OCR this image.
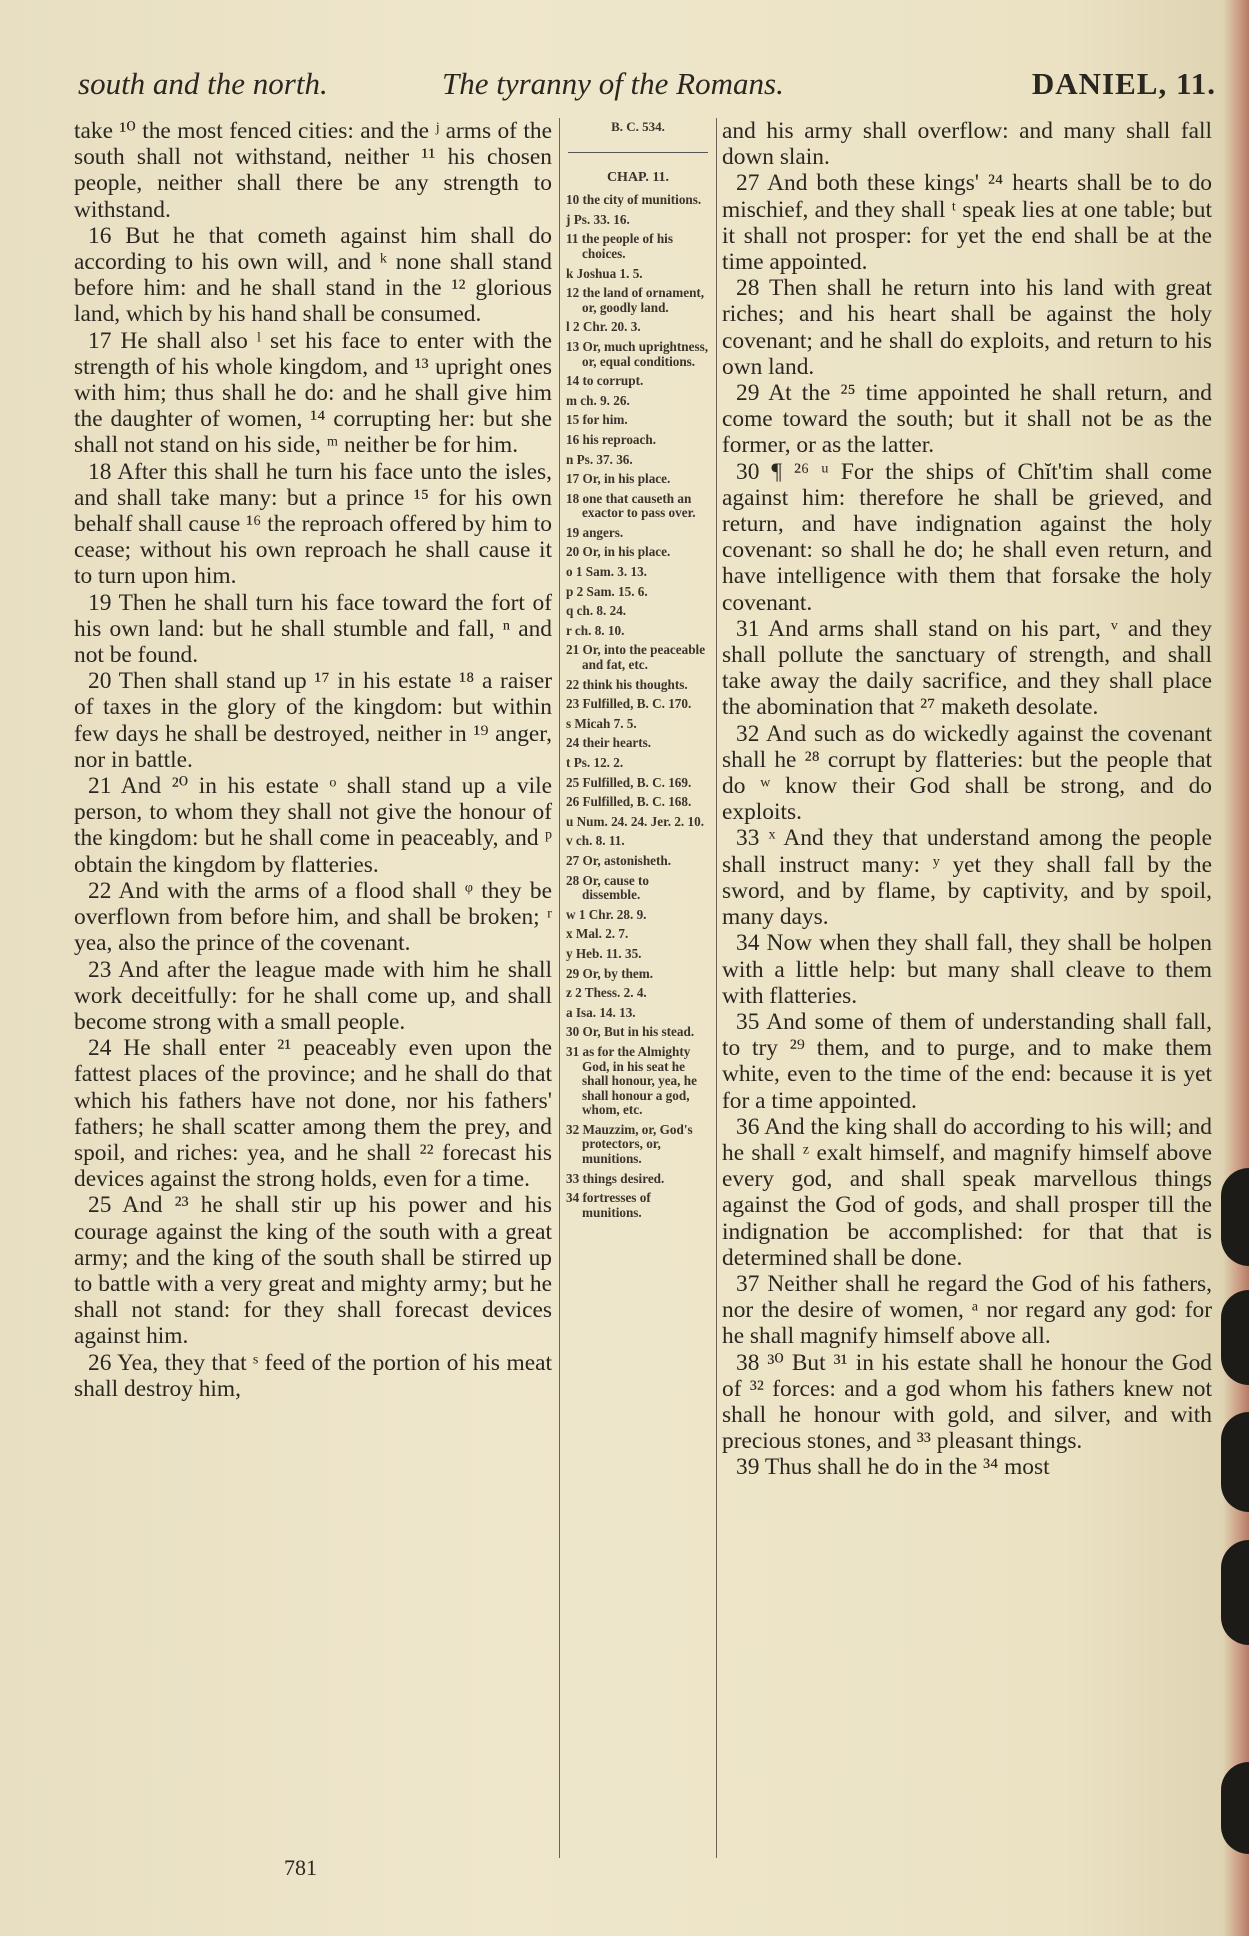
south and the north.	The tyranny of the Romans.	DANIEL, 11.

take ¹⁰ the most fenced cities: and the ʲ arms of the south shall not withstand, neither ¹¹ his chosen people, neither shall there be any strength to withstand.

16 But he that cometh against him shall do according to his own will, and ᵏ none shall stand before him: and he shall stand in the ¹² glorious land, which by his hand shall be consumed.

17 He shall also ˡ set his face to enter with the strength of his whole kingdom, and ¹³ upright ones with him; thus shall he do: and he shall give him the daughter of women, ¹⁴ corrupting her: but she shall not stand on his side, ᵐ neither be for him.

18 After this shall he turn his face unto the isles, and shall take many: but a prince ¹⁵ for his own behalf shall cause ¹⁶ the reproach offered by him to cease; without his own reproach he shall cause it to turn upon him.

19 Then he shall turn his face toward the fort of his own land: but he shall stumble and fall, ⁿ and not be found.

20 Then shall stand up ¹⁷ in his estate ¹⁸ a raiser of taxes in the glory of the kingdom: but within few days he shall be destroyed, neither in ¹⁹ anger, nor in battle.

21 And ²⁰ in his estate ᵒ shall stand up a vile person, to whom they shall not give the honour of the kingdom: but he shall come in peaceably, and ᵖ obtain the kingdom by flatteries.

22 And with the arms of a flood shall ᵠ they be overflown from before him, and shall be broken; ʳ yea, also the prince of the covenant.

23 And after the league made with him he shall work deceitfully: for he shall come up, and shall become strong with a small people.

24 He shall enter ²¹ peaceably even upon the fattest places of the province; and he shall do that which his fathers have not done, nor his fathers' fathers; he shall scatter among them the prey, and spoil, and riches: yea, and he shall ²² forecast his devices against the strong holds, even for a time.

25 And ²³ he shall stir up his power and his courage against the king of the south with a great army; and the king of the south shall be stirred up to battle with a very great and mighty army; but he shall not stand: for they shall forecast devices against him.

26 Yea, they that ˢ feed of the portion of his meat shall destroy him,

B. C. 534.
CHAP. 11.
10 the city of munitions.
j Ps. 33. 16.
11 the people of his choices.
k Joshua 1. 5.
12 the land of ornament, or, goodly land.
l 2 Chr. 20. 3.
13 Or, much uprightness, or, equal conditions.
14 to corrupt.
m ch. 9. 26.
15 for him.
16 his reproach.
n Ps. 37. 36.
17 Or, in his place.
18 one that causeth an exactor to pass over.
19 angers.
20 Or, in his place.
o 1 Sam. 3. 13.
p 2 Sam. 15. 6.
q ch. 8. 24.
r ch. 8. 10.
21 Or, into the peaceable and fat, etc.
22 think his thoughts.
23 Fulfilled, B. C. 170.
s Micah 7. 5.
24 their hearts.
t Ps. 12. 2.
25 Fulfilled, B. C. 169.
26 Fulfilled, B. C. 168.
u Num. 24. 24. Jer. 2. 10.
v ch. 8. 11.
27 Or, astonisheth.
28 Or, cause to dissemble.
w 1 Chr. 28. 9.
x Mal. 2. 7.
y Heb. 11. 35.
29 Or, by them.
z 2 Thess. 2. 4.
a Isa. 14. 13.
30 Or, But in his stead.
31 as for the Almighty God, in his seat he shall honour, yea, he shall honour a god, whom, etc.
32 Mauzzim, or, God's protectors, or, munitions.
33 things desired.
34 fortresses of munitions.

and his army shall overflow: and many shall fall down slain.

27 And both these kings' ²⁴ hearts shall be to do mischief, and they shall ᵗ speak lies at one table; but it shall not prosper: for yet the end shall be at the time appointed.

28 Then shall he return into his land with great riches; and his heart shall be against the holy covenant; and he shall do exploits, and return to his own land.

29 At the ²⁵ time appointed he shall return, and come toward the south; but it shall not be as the former, or as the latter.

30 ¶ ²⁶ ᵘ For the ships of Chĭt'tim shall come against him: therefore he shall be grieved, and return, and have indignation against the holy covenant: so shall he do; he shall even return, and have intelligence with them that forsake the holy covenant.

31 And arms shall stand on his part, ᵛ and they shall pollute the sanctuary of strength, and shall take away the daily sacrifice, and they shall place the abomination that ²⁷ maketh desolate.

32 And such as do wickedly against the covenant shall he ²⁸ corrupt by flatteries: but the people that do ʷ know their God shall be strong, and do exploits.

33 ˣ And they that understand among the people shall instruct many: ʸ yet they shall fall by the sword, and by flame, by captivity, and by spoil, many days.

34 Now when they shall fall, they shall be holpen with a little help: but many shall cleave to them with flatteries.

35 And some of them of understanding shall fall, to try ²⁹ them, and to purge, and to make them white, even to the time of the end: because it is yet for a time appointed.

36 And the king shall do according to his will; and he shall ᶻ exalt himself, and magnify himself above every god, and shall speak marvellous things against the God of gods, and shall prosper till the indignation be accomplished: for that that is determined shall be done.

37 Neither shall he regard the God of his fathers, nor the desire of women, ᵃ nor regard any god: for he shall magnify himself above all.

38 ³⁰ But ³¹ in his estate shall he honour the God of ³² forces: and a god whom his fathers knew not shall he honour with gold, and silver, and with precious stones, and ³³ pleasant things.

39 Thus shall he do in the ³⁴ most

781
